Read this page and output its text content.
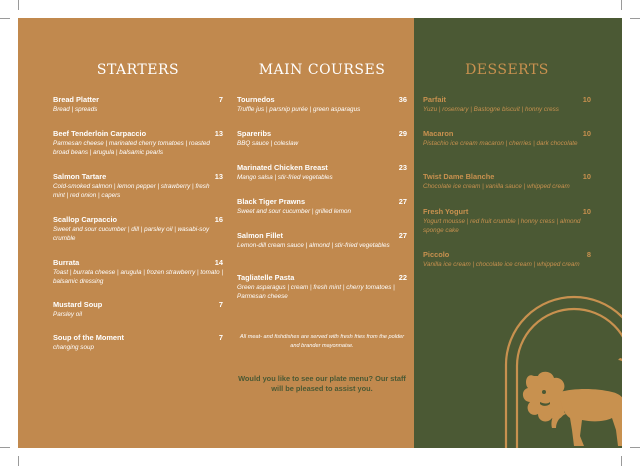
STARTERS
Bread Platter	7
Bread | spreads
Beef Tenderloin Carpaccio	13
Parmesan cheese | marinated cherry tomatoes | roasted broad beans | arugula | balsamic pearls
Salmon Tartare	13
Cold-smoked salmon | lemon pepper | strawberry | fresh mint | red onion | capers
Scallop Carpaccio	16
Sweet and sour cucumber | dill | parsley oil | wasabi-soy crumble
Burrata	14
Toast | burrata cheese | arugula | frozen strawberry | tomato | balsamic dressing
Mustard Soup	7
Parsley oil
Soup of the Moment	7
changing soup
MAIN COURSES
Tournedos	36
Truffle jus | parsnip purée | green asparagus
Spareribs	29
BBQ sauce | coleslaw
Marinated Chicken Breast	23
Mango salsa | stir-fried vegetables
Black Tiger Prawns	27
Sweet and sour cucumber | grilled lemon
Salmon Fillet	27
Lemon-dill cream sauce | almond | stir-fried vegetables
Tagliatelle Pasta	22
Green asparagus | cream | fresh mint | cherry tomatoes | Parmesan cheese
All meat- and fishdishes are served with fresh fries from the polder and brander mayonnaise.
Would you like to see our plate menu? Our staff will be pleased to assist you.
DESSERTS
Parfait	10
Yuzu | rosemary | Bastogne biscuit | honny cress
Macaron	10
Pistachio ice cream macaron | cherries | dark chocolate
Twist Dame Blanche	10
Chocolate ice cream | vanilla sauce | whipped cream
Fresh Yogurt	10
Yogurt mousse | red fruit crumble | honny cress | almond sponge cake
Piccolo	8
Vanilla ice cream | chocolate ice cream | whipped cream
